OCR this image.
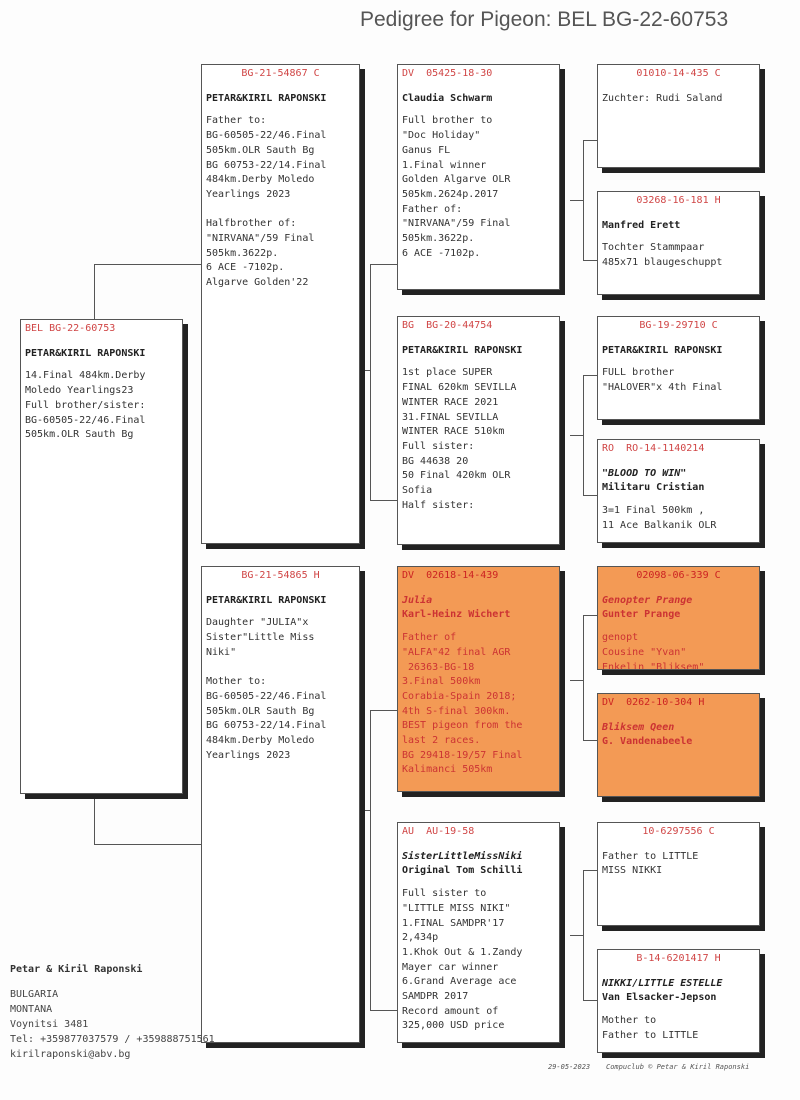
Pedigree for Pigeon: BEL BG-22-60753
BEL BG-22-60753
PETAR&KIRIL RAPONSKI
14.Final 484km.Derby
Moledo Yearlings23
Full brother/sister:
BG-60505-22/46.Final
505km.OLR Sauth Bg
BG-21-54867 C
PETAR&KIRIL RAPONSKI
Father to:
BG-60505-22/46.Final
505km.OLR Sauth Bg
BG 60753-22/14.Final
484km.Derby Moledo
Yearlings 2023

Halfbrother of:
"NIRVANA"/59 Final
505km.3622p.
6 ACE -7102p.
Algarve Golden'22
BG-21-54865 H
PETAR&KIRIL RAPONSKI
Daughter "JULIA"x
Sister"Little Miss
Niki"

Mother to:
BG-60505-22/46.Final
505km.OLR Sauth Bg
BG 60753-22/14.Final
484km.Derby Moledo
Yearlings 2023
DV  05425-18-30
Claudia Schwarm
Full brother to
"Doc Holiday"
Ganus FL
1.Final winner
Golden Algarve OLR
505km.2624p.2017
Father of:
"NIRVANA"/59 Final
505km.3622p.
6 ACE -7102p.
BG  BG-20-44754
PETAR&KIRIL RAPONSKI
1st place SUPER
FINAL 620km SEVILLA
WINTER RACE 2021
31.FINAL SEVILLA
WINTER RACE 510km
Full sister:
BG 44638 20
50 Final 420km OLR
Sofia
Half sister:
DV  02618-14-439
Julia
Karl-Heinz Wichert
Father of
"ALFA"42 final AGR
26363-BG-18
3.Final 500km
Corabia-Spain 2018;
4th S-final 300km.
BEST pigeon from the
last 2 races.
BG 29418-19/57 Final
Kalimanci 505km
AU  AU-19-58
SisterLittleMissNiki
Original Tom Schilli
Full sister to
"LITTLE MISS NIKI"
1.FINAL SAMDPR'17
2,434p
1.Khok Out & 1.Zandy
Mayer car winner
6.Grand Average ace
SAMDPR 2017
Record amount of
325,000 USD price
01010-14-435 C
Zuchter: Rudi Saland
03268-16-181 H
Manfred Erett
Tochter Stammpaar
485x71 blaugeschuppt
BG-19-29710 C
PETAR&KIRIL RAPONSKI
FULL brother
"HALOVER"x 4th Final
RO  RO-14-1140214
"BLOOD TO WIN"
Militaru Cristian
3=1 Final 500km ,
11 Ace Balkanik OLR
02098-06-339 C
Genopter Prange
Gunter Prange
genopt
Cousine "Yvan"
Enkelin "Bliksem"
DV  0262-10-304 H
Bliksem Qeen
G. Vandenabeele
10-6297556 C
Father to LITTLE
MISS NIKKI
B-14-6201417 H
NIKKI/LITTLE ESTELLE
Van Elsacker-Jepson
Mother to
Father to LITTLE
Petar & Kiril Raponski
BULGARIA
MONTANA
Voynitsi 3481
Tel: +359877037579 / +359888751561
kirilraponski@abv.bg
29-05-2023 Compuclub © Petar & Kiril Raponski
